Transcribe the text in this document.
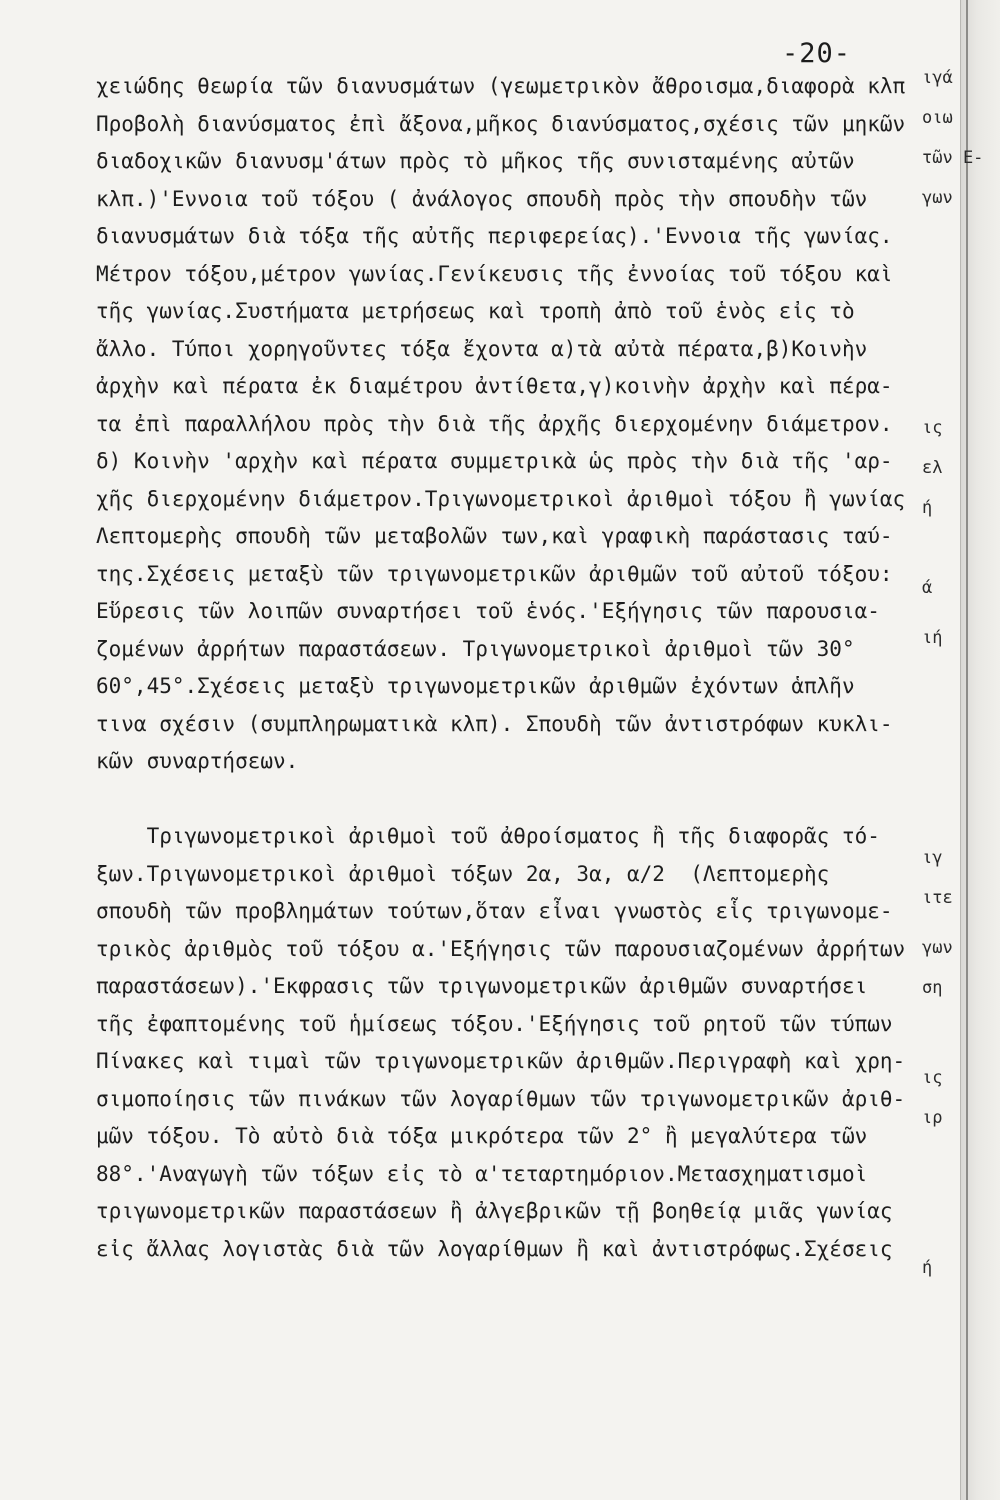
-20-
χειώδης θεωρία τῶν διανυσμάτων (γεωμετρικὸν ἄθροισμα,διαφορὰ κλπ
Προβολὴ διανύσματος ἐπὶ ἄξονα,μῆκος διανύσματος,σχέσις τῶν μηκῶν
διαδοχικῶν διανυσμ'άτων πρὸς τὸ μῆκος τῆς συνισταμένης αὐτῶν
κλπ.)'Εννοια τοῦ τόξου ( ἀνάλογος σπουδὴ πρὸς τὴν σπουδὴν τῶν
διανυσμάτων διὰ τόξα τῆς αὐτῆς περιφερείας).'Εννοια τῆς γωνίας.
Μέτρον τόξου,μέτρον γωνίας.Γενίκευσις τῆς ἐννοίας τοῦ τόξου καὶ
τῆς γωνίας.Συστήματα μετρήσεως καὶ τροπὴ ἀπὸ τοῦ ἑνὸς εἰς τὸ
ἄλλο. Τύποι χορηγοῦντες τόξα ἔχοντα α)τὰ αὐτὰ πέρατα,β)Κοινὴν
ἀρχὴν καὶ πέρατα ἐκ διαμέτρου ἀντίθετα,γ)κοινὴν ἀρχὴν καὶ πέρα-
τα ἐπὶ παραλλήλου πρὸς τὴν διὰ τῆς ἀρχῆς διερχομένην διάμετρον.
δ) Κοινὴν 'αρχὴν καὶ πέρατα συμμετρικὰ ὡς πρὸς τὴν διὰ τῆς 'αρ-
χῆς διερχομένην διάμετρον.Τριγωνομετρικοὶ ἀριθμοὶ τόξου ἢ γωνίας
Λεπτομερὴς σπουδὴ τῶν μεταβολῶν των,καὶ γραφικὴ παράστασις ταύ-
της.Σχέσεις μεταξὺ τῶν τριγωνομετρικῶν ἀριθμῶν τοῦ αὐτοῦ τόξου:
Εὕρεσις τῶν λοιπῶν συναρτήσει τοῦ ἑνός.'Εξήγησις τῶν παρουσια-
ζομένων ἀρρήτων παραστάσεων. Τριγωνομετρικοὶ ἀριθμοὶ τῶν 30°
60°,45°.Σχέσεις μεταξὺ τριγωνομετρικῶν ἀριθμῶν ἐχόντων ἁπλῆν
τινα σχέσιν (συμπληρωματικὰ κλπ). Σπουδὴ τῶν ἀντιστρόφων κυκλι-
κῶν συναρτήσεων.
Τριγωνομετρικοὶ ἀριθμοὶ τοῦ ἀθροίσματος ἢ τῆς διαφορᾶς τό-
ξων.Τριγωνομετρικοὶ ἀριθμοὶ τόξων 2α, 3α, α/2  (Λεπτομερὴς
σπουδὴ τῶν προβλημάτων τούτων,ὅταν εἶναι γνωστὸς εἷς τριγωνομε-
τρικὸς ἀριθμὸς τοῦ τόξου α.'Εξήγησις τῶν παρουσιαζομένων ἀρρήτων
παραστάσεων).'Εκφρασις τῶν τριγωνομετρικῶν ἀριθμῶν συναρτήσει
τῆς ἐφαπτομένης τοῦ ἡμίσεως τόξου.'Εξήγησις τοῦ ρητοῦ τῶν τύπων
Πίνακες καὶ τιμαὶ τῶν τριγωνομετρικῶν ἀριθμῶν.Περιγραφὴ καὶ χρη-
σιμοποίησις τῶν πινάκων τῶν λογαρίθμων τῶν τριγωνομετρικῶν ἀριθ-
μῶν τόξου. Τὸ αὐτὸ διὰ τόξα μικρότερα τῶν 2° ἢ μεγαλύτερα τῶν
88°.'Αναγωγὴ τῶν τόξων εἰς τὸ α'τεταρτημόριον.Μετασχηματισμοὶ
τριγωνομετρικῶν παραστάσεων ἢ ἀλγεβρικῶν τῇ βοηθείᾳ μιᾶς γωνίας
εἰς ἄλλας λογιστὰς διὰ τῶν λογαρίθμων ἢ καὶ ἀντιστρόφως.Σχέσεις
ιγά
οιω
τῶν Ε-
γων
ις
ελ
ή
ά
ιή
ιγ
ιτε
γων
ση
ις
ιρ
ή
